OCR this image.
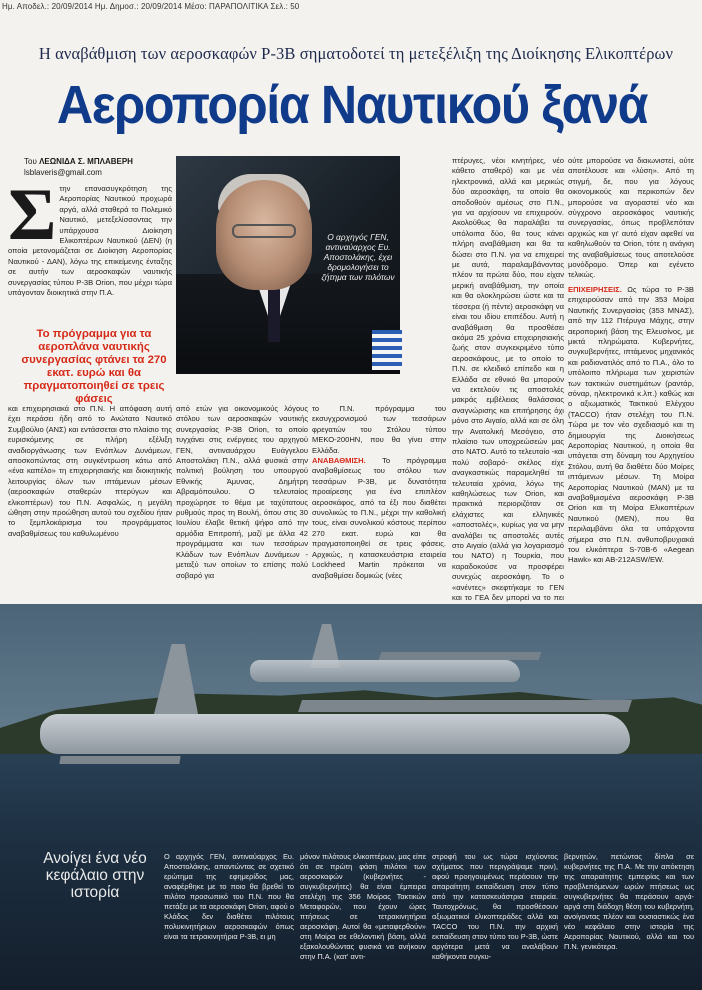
Ημ. Αποδελ.: 20/09/2014 Ημ. Δημοσ.: 20/09/2014 Μέσο: ΠΑΡΑΠΟΛΙΤΙΚΑ Σελ.: 50
Η αναβάθμιση των αεροσκαφών P-3B σηματοδοτεί τη μετεξέλιξη της Διοίκησης Ελικοπτέρων
Αεροπορία Ναυτικού ξανά
Του ΛΕΩΝΙΔΑ Σ. ΜΠΛΑΒΕΡΗ
lsblaveris@gmail.com
Σ την επανασυγκρότηση της Αεροπορίας Ναυτικού προχωρά αργά, αλλά σταθερά το Πολεμικό Ναυτικό, μετεξελίσσοντας την υπάρχουσα Διοίκηση Ελικοπτέρων Ναυτικού (ΔΕΝ) (η οποία μετονομάζεται σε Διοίκηση Αεροπορίας Ναυτικού - ΔΑΝ), λόγω της επικείμενης ένταξης σε αυτήν των αεροσκαφών ναυτικής συνεργασίας τύπου P-3B Orion, που μέχρι τώρα υπάγονταν διοικητικά στην Π.Α.
Το πρόγραμμα για τα αεροπλάνα ναυτικής συνεργασίας φτάνει τα 270 εκατ. ευρώ και θα πραγματοποιηθεί σε τρεις φάσεις

και επιχειρησιακά στο Π.Ν. Η απόφαση αυτή έχει περάσει ήδη από το Ανώτατο Ναυτικό Συμβούλιο (ΑΝΣ) και εντάσσεται στο πλαίσιο της ευρισκόμενης σε πλήρη εξέλιξη αναδιοργάνωσης των Ενόπλων Δυνάμεων, αποσκοπώντας στη συγκέντρωση κάτω από «ένα καπέλο» τη επιχειρησιακής και διοικητικής λειτουργίας όλων των ιπτάμενων μέσων (αεροσκαφών σταθερών πτερύγων και ελικοπτέρων) του Π.Ν. Ασφαλώς, η μεγάλη ώθηση στην προώθηση αυτού του σχεδίου ήταν το ξεμπλοκάρισμα του προγράμματος αναβαθμίσεως του καθυλωμένου

Ο αρχηγός ΓΕΝ, αντιναύαρχος Ευ. Αποστολάκης, έχει δρομολογήσει το ζήτημα των πιλότων

από ετών για οικονομικούς λόγους στόλου των αεροσκαφών ναυτικής συνεργασίας P-3B Orion, το οποίο τυγχάνει στις ενέργειες του αρχηγού ΓΕΝ, αντιναυάρχου Ευάγγελου Αποστολάκη Π.Ν., αλλά φυσικά στην πολιτική βούληση του υπουργού Εθνικής Άμυνας, Δημήτρη Αβραμόπουλου. Ο τελευταίος προχώρησε το θέμα με ταχύτατους ρυθμούς προς τη Βουλή, όπου στις 30 Ιουλίου έλαβε θετική ψήφο από την αρμόδια Επιτροπή, μαζί με άλλα 42 προγράμματα και των τεσσάρων Κλάδων των Ενόπλων Δυνάμεων - μεταξύ των οποίων το επίσης πολύ σοβαρό για

το Π.Ν. πρόγραμμα του εκσυγχρονισμού των τεσσάρων φρεγατών του Στόλου τύπου ΜΕΚΟ-200ΗΝ, που θα γίνει στην Ελλάδα.

ΑΝΑΒΑΘΜΙΣΗ. Το πρόγραμμα αναβαθμίσεως του στόλου των τεσσάρων P-3B, με δυνατότητα προαίρεσης για ένα επιπλέον αεροσκάφος, από τα έξι που διαθέτει συνολικώς το Π.Ν., μέχρι την καθολική τους, είναι συνολικού κόστους περίπου 270 εκατ. ευρώ και θα πραγματοποιηθεί σε τρεις φάσεις. Αρχικώς, η κατασκευάστρια εταιρεία Lockheed Martin πρόκειται να αναβαθμίσει δομικώς (νέες

πτέρυγες, νέοι κινητήρες, νέο κάθετο σταθερό) και με νέα ηλεκτρονικά, αλλά και μερικώς δύο αεροσκάφη, τα οποία θα αποδοθούν αμέσως στο Π.Ν., για να αρχίσουν να επιχειρούν. Ακολούθως θα παραλάβει τα υπόλοιπα δύο, θα τους κάνει πλήρη αναβάθμιση και θα τα δώσει στο Π.Ν. για να επιχειρεί με αυτά, παραλαμβάνοντας πλέον τα πρώτα δύο, που είχαν μερική αναβάθμιση, την οποία και θα ολοκληρώσει ώστε και τα τέσσερα (ή πέντε) αεροσκάφη να είναι του ιδίου επιπέδου. Αυτή η αναβάθμιση θα προσθέσει ακόμα 25 χρόνια επιχειρησιακής ζωής στον συγκεκριμένο τύπο αεροσκάφους, με το οποίο το Π.Ν. σε κλειδικό επίπεδο και η Ελλάδα σε εθνικό θα μπορούν να εκτελούν τις αποστολές μακράς εμβέλειας θαλάσσιας αναγνώρισης και επιτήρησης όχι μόνο στο Αιγαίο, αλλά και σε όλη την Ανατολική Μεσόγειο, στο πλαίσιο των υποχρεώσεών μας στο ΝΑΤΟ. Αυτό το τελευταίο -και πολύ σοβαρό- σκέλος είχε αναγκαστικώς παραμεληθεί τα τελευταία χρόνια, λόγω της καθηλώσεως των Orion, και πρακτικά περιοριζόταν σε ελάχιστες και ελληνικές «αποστολές», κυρίως για να μην αναλάβει τις αποστολές αυτές στο Αιγαίο (αλλά για λογαριασμό του ΝΑΤΟ) η Τουρκία, που καραδοκούσε να προσφέρει συνεχώς αεροσκάφη. Το ο «ανέντες» σκεφτήκαμε το ΓΕΝ και το ΓΕΑ δεν μπορεί να το πει

ούτε μπορούσε να διαιωνιστεί, ούτε αποτέλουσε και «λύση». Από τη στιγμή, δε, που για λόγους οικονομικούς και περικοπών δεν μπορούσε να αγοραστεί νέο και σύγχρονο αεροσκάφος ναυτικής συνεργασίας, όπως προβλεπόταν αρχικώς και γι' αυτό είχαν αφεθεί να καθηλωθούν τα Orion, τότε η ανάγκη της αναβαθμίσεως τους αποτελούσε μονόδρομο. Όπερ και εγένετο τελικώς.

ΕΠΙΧΕΙΡΗΣΕΙΣ. Ως τώρα το P-3B επιχειρούσαν από την 353 Μοίρα Ναυτικής Συνεργασίας (353 ΜΝΑΣ), από την 112 Πτέρυγα Μάχης, στην αεροπορική βάση της Ελευσίνος, με μικτά πληρώματα. Κυβερνήτες, συγκυβερνήτες, ιπτάμενος μηχανικός και ραδιονατιλός από το Π.Α., όλο το υπόλοιπο πλήρωμα των χειριστών των τακτικών συστημάτων (ραντάρ, σόναρ, ηλεκτρονικά κ.λπ.) καθώς και ο αξιωματικός Τακτικού Ελέγχου (TACCO) ήταν στελέχη του Π.Ν. Τώρα με τον νέο σχεδιασμό και τη δημιουργία της Διοικήσεως Αεροπορίας Ναυτικού, η οποία θα υπάγεται στη δύναμη του Αρχηγείου Στόλου, αυτή θα διαθέτει δύο Μοίρες ιπτάμενων μέσων. Τη Μοίρα Αεροπορίας Ναυτικού (ΜΑΝ) με τα αναβαθμισμένα αεροσκάφη P-3B Orion και τη Μοίρα Ελικοπτέρων Ναυτικού (ΜΕΝ), που θα περιλαμβάνει όλα τα υπάρχοντα σήμερα στο Π.Ν. ανθυποβρυχιακά του ελικόπτερα S-70B-6 «Aegean Hawk» και AB-212ASW/EW.

Ανοίγει ένα νέο κεφάλαιο στην ιστορία
Ο αρχηγός ΓΕΝ, αντιναύαρχος Ευ. Αποστολάκης, απαντώντας σε σχετικό ερώτημα της εφημερίδος μας, αναφέρθηκε με το ποιο θα βρεθεί το πιλότο προσωπικό του Π.Ν. που θα πετάξει με τα αεροσκάφη Orion, αφού ο Κλάδος δεν διαθέτει πιλότους πολυκινητήριων αεροσκαφών όπως είναι τα τετρακινητήρια P-3B, ει μη
μόνον πιλότους ελικοπτέρων, μας είπε ότι σε πρώτη φάση πιλότοι των αεροσκαφών (κυβερνήτες - συγκυβερνήτες) θα είναι έμπειρα στελέχη της 356 Μοίρας Τακτικών Μεταφορών, που έχουν ώρες πτήσεως σε τετρακινητήρια αεροσκάφη. Αυτοί θα «μεταφερθούν» στη Μοίρα σε εθελοντική βάση, αλλά εξακολουθώντας φυσικά να ανήκουν στην Π.Α. (κατ' αντι-
στροφή του ως τώρα ισχύοντος σχήματος που περιγράψαμε πριν), αφού προηγουμένως περάσουν την απαραίτητη εκπαίδευση στον τύπο από την κατασκευάστρια εταιρεία. Ταυτοχρόνως, θα προσθέσουν αξιωματικοί ελικοπτεράδες αλλά και TACCO του Π.Ν. την αρχική εκπαίδευση στον τύπο του P-3B, ώστε αργότερα μετά να αναλάβουν καθήκοντα συγκυ-
βερνητών, πετώντας δίπλα σε κυβερνήτες της Π.Α. Με την απόκτηση της απαραίτητης εμπειρίας και των προβλεπόμενων ωρών πτήσεως ως συγκυβερνήτες θα περάσουν αργά-αργά στη διάδοχη θέση του κυβερνήτη, ανοίγοντας πλέον και ουσιαστικώς ένα νέο κεφάλαιο στην ιστορία της Αεροπορίας Ναυτικού, αλλά και του Π.Ν. γενικότερα.
